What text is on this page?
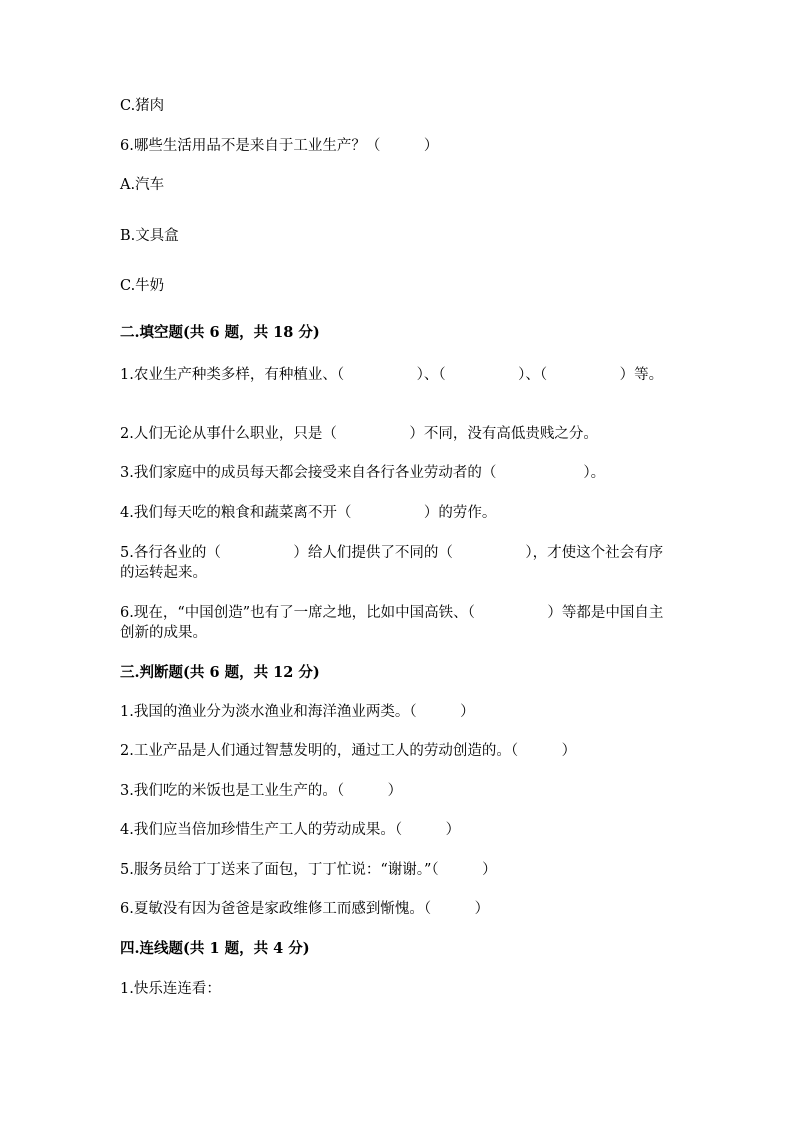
C.猪肉
6.哪些生活用品不是来自于工业生产？（　　　）
A.汽车
B.文具盒
C.牛奶
二.填空题(共 6 题，共 18 分)
1.农业生产种类多样，有种植业、（　　　　　）、（　　　　　）、（　　　　　）等。
2.人们无论从事什么职业，只是（　　　　　）不同，没有高低贵贱之分。
3.我们家庭中的成员每天都会接受来自各行各业劳动者的（　　　　　　）。
4.我们每天吃的粮食和蔬菜离不开（　　　　　）的劳作。
5.各行各业的（　　　　　）给人们提供了不同的（　　　　　），才使这个社会有序的运转起来。
6.现在，“中国创造”也有了一席之地，比如中国高铁、（　　　　　）等都是中国自主创新的成果。
三.判断题(共 6 题，共 12 分)
1.我国的渔业分为淡水渔业和海洋渔业两类。（　　　）
2.工业产品是人们通过智慧发明的，通过工人的劳动创造的。（　　　）
3.我们吃的米饭也是工业生产的。（　　　）
4.我们应当倍加珍惜生产工人的劳动成果。（　　　）
5.服务员给丁丁送来了面包，丁丁忙说：“谢谢。”（　　　）
6.夏敏没有因为爸爸是家政维修工而感到惭愧。（　　　）
四.连线题(共 1 题，共 4 分)
1.快乐连连看：
